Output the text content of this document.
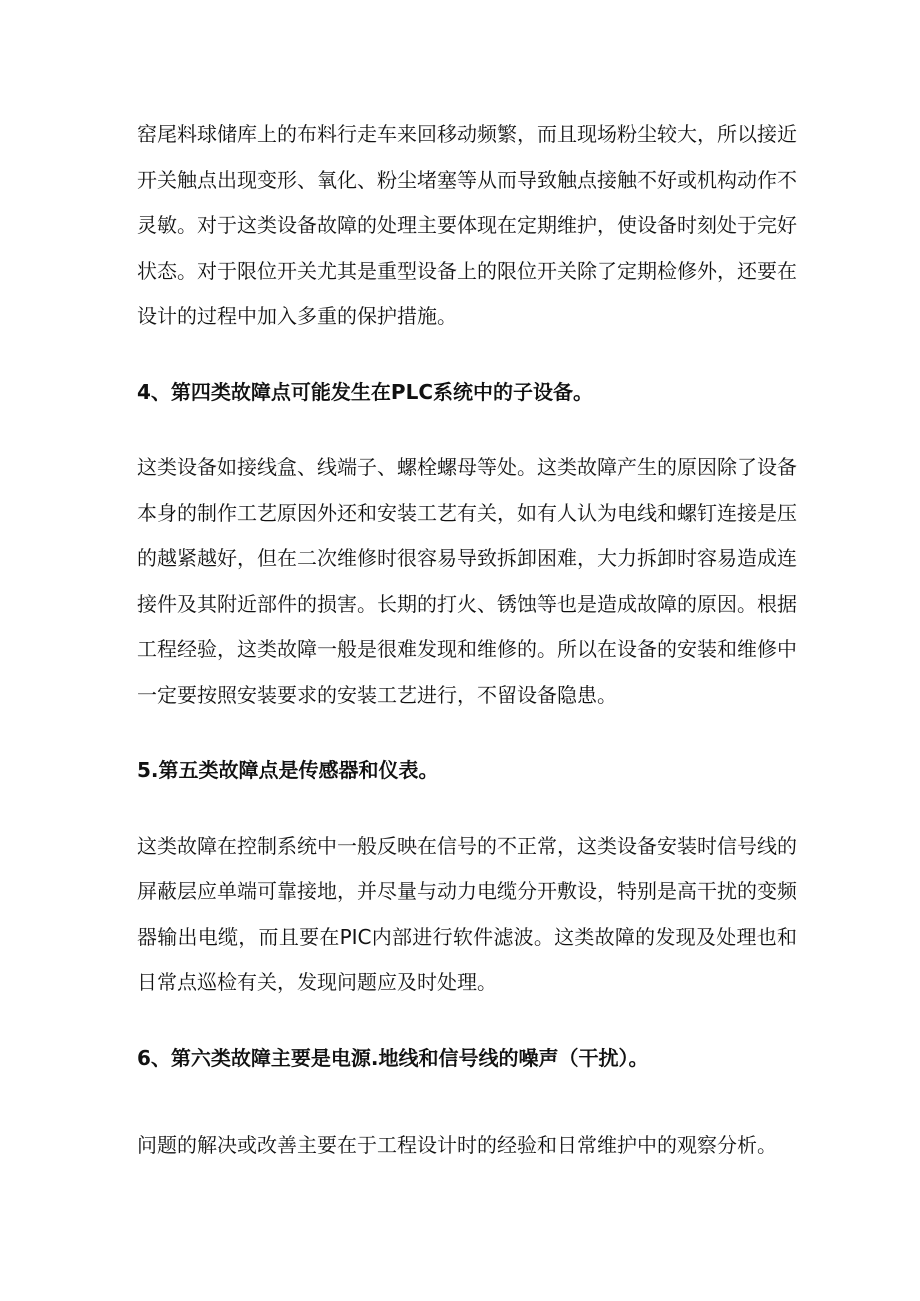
窑尾料球储库上的布料行走车来回移动频繁，而且现场粉尘较大，所以接近开关触点出现变形、氧化、粉尘堵塞等从而导致触点接触不好或机构动作不灵敏。对于这类设备故障的处理主要体现在定期维护，使设备时刻处于完好状态。对于限位开关尤其是重型设备上的限位开关除了定期检修外，还要在设计的过程中加入多重的保护措施。

4、第四类故障点可能发生在PLC系统中的子设备。

这类设备如接线盒、线端子、螺栓螺母等处。这类故障产生的原因除了设备本身的制作工艺原因外还和安装工艺有关，如有人认为电线和螺钉连接是压的越紧越好，但在二次维修时很容易导致拆卸困难，大力拆卸时容易造成连接件及其附近部件的损害。长期的打火、锈蚀等也是造成故障的原因。根据工程经验，这类故障一般是很难发现和维修的。所以在设备的安装和维修中一定要按照安装要求的安装工艺进行，不留设备隐患。

5.第五类故障点是传感器和仪表。

这类故障在控制系统中一般反映在信号的不正常，这类设备安装时信号线的屏蔽层应单端可靠接地，并尽量与动力电缆分开敷设，特别是高干扰的变频器输出电缆，而且要在PIC内部进行软件滤波。这类故障的发现及处理也和日常点巡检有关，发现问题应及时处理。

6、第六类故障主要是电源.地线和信号线的噪声（干扰）。

问题的解决或改善主要在于工程设计时的经验和日常维护中的观察分析。
